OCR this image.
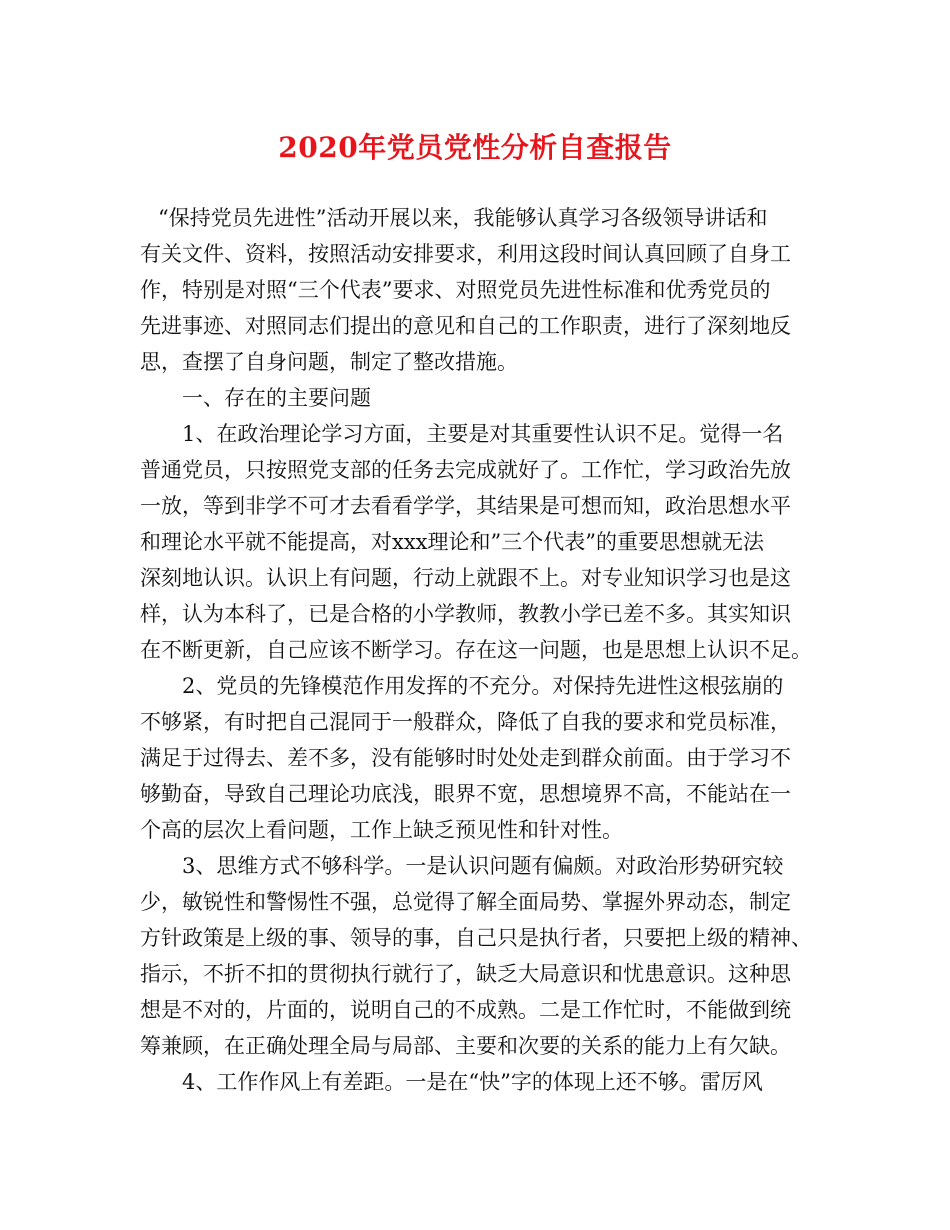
2020年党员党性分析自查报告
“保持党员先进性”活动开展以来，我能够认真学习各级领导讲话和
有关文件、资料，按照活动安排要求，利用这段时间认真回顾了自身工
作，特别是对照“三个代表”要求、对照党员先进性标准和优秀党员的
先进事迹、对照同志们提出的意见和自己的工作职责，进行了深刻地反
思，查摆了自身问题，制定了整改措施。
一、存在的主要问题
1、在政治理论学习方面，主要是对其重要性认识不足。觉得一名
普通党员，只按照党支部的任务去完成就好了。工作忙，学习政治先放
一放，等到非学不可才去看看学学，其结果是可想而知，政治思想水平
和理论水平就不能提高，对xxx理论和”三个代表”的重要思想就无法
深刻地认识。认识上有问题，行动上就跟不上。对专业知识学习也是这
样，认为本科了，已是合格的小学教师，教教小学已差不多。其实知识
在不断更新，自己应该不断学习。存在这一问题，也是思想上认识不足。
2、党员的先锋模范作用发挥的不充分。对保持先进性这根弦崩的
不够紧，有时把自己混同于一般群众，降低了自我的要求和党员标准，
满足于过得去、差不多，没有能够时时处处走到群众前面。由于学习不
够勤奋，导致自己理论功底浅，眼界不宽，思想境界不高，不能站在一
个高的层次上看问题，工作上缺乏预见性和针对性。
3、思维方式不够科学。一是认识问题有偏颇。对政治形势研究较
少，敏锐性和警惕性不强，总觉得了解全面局势、掌握外界动态，制定
方针政策是上级的事、领导的事，自己只是执行者，只要把上级的精神、
指示，不折不扣的贯彻执行就行了，缺乏大局意识和忧患意识。这种思
想是不对的，片面的，说明自己的不成熟。二是工作忙时，不能做到统
筹兼顾，在正确处理全局与局部、主要和次要的关系的能力上有欠缺。
4、工作作风上有差距。一是在“快”字的体现上还不够。雷厉风
